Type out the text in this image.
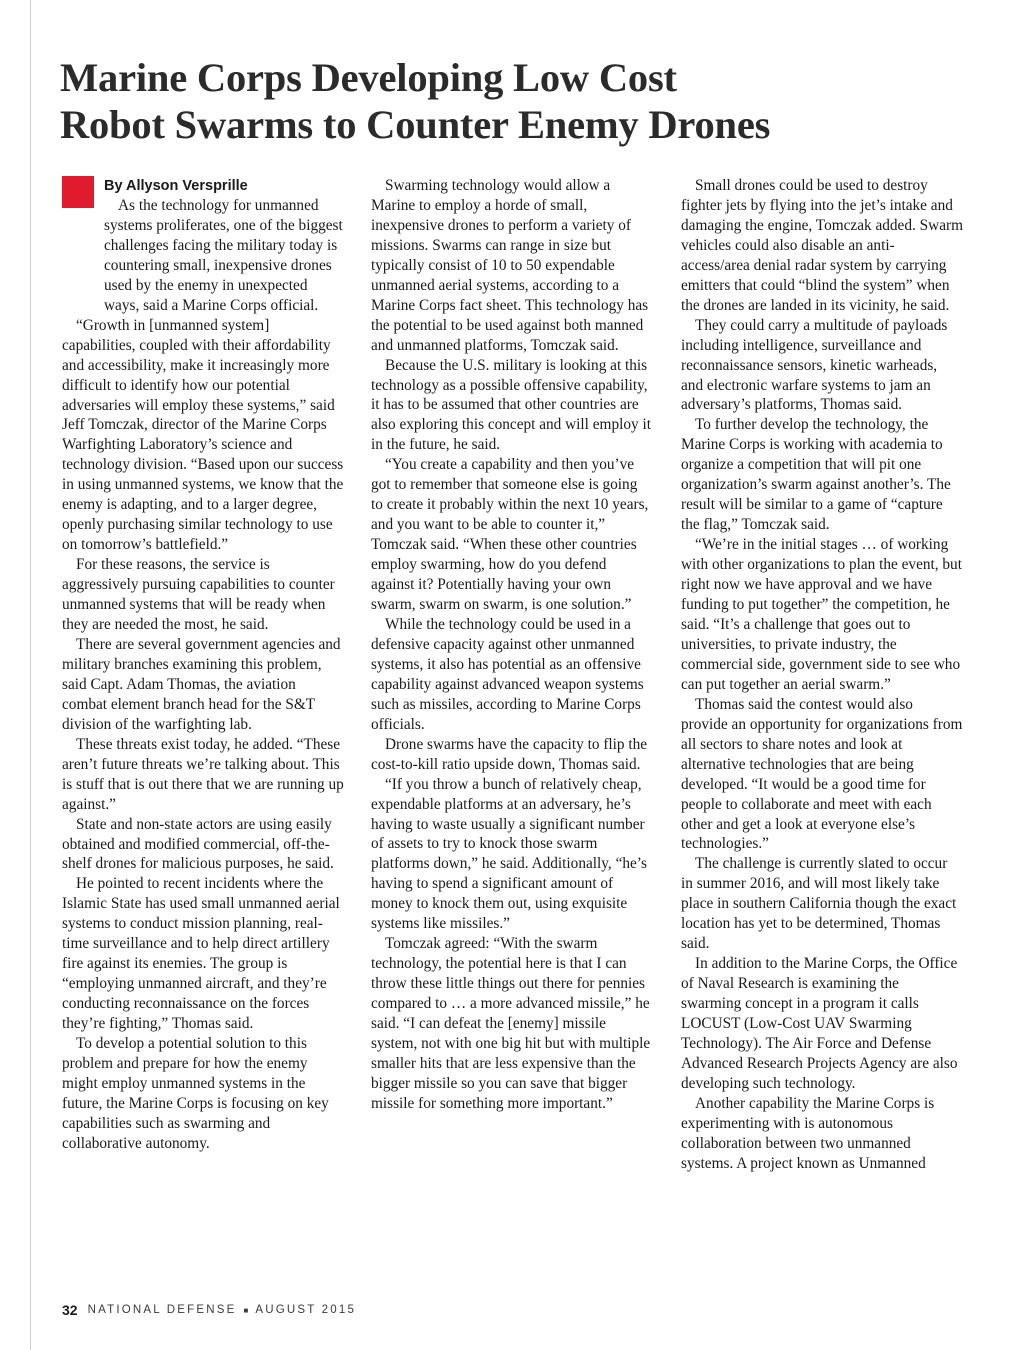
Marine Corps Developing Low Cost
Robot Swarms to Counter Enemy Drones
By Allyson Versprille

As the technology for unmanned systems proliferates, one of the biggest challenges facing the military today is countering small, inexpensive drones used by the enemy in unexpected ways, said a Marine Corps official.

“Growth in [unmanned system] capabilities, coupled with their affordability and accessibility, make it increasingly more difficult to identify how our potential adversaries will employ these systems,” said Jeff Tomczak, director of the Marine Corps Warfighting Laboratory’s science and technology division. “Based upon our success in using unmanned systems, we know that the enemy is adapting, and to a larger degree, openly purchasing similar technology to use on tomorrow’s battlefield.”

For these reasons, the service is aggressively pursuing capabilities to counter unmanned systems that will be ready when they are needed the most, he said.

There are several government agencies and military branches examining this problem, said Capt. Adam Thomas, the aviation combat element branch head for the S&T division of the warfighting lab.

These threats exist today, he added. “These aren’t future threats we’re talking about. This is stuff that is out there that we are running up against.”

State and non-state actors are using easily obtained and modified commercial, off-the-shelf drones for malicious purposes, he said.

He pointed to recent incidents where the Islamic State has used small unmanned aerial systems to conduct mission planning, real-time surveillance and to help direct artillery fire against its enemies. The group is “employing unmanned aircraft, and they’re conducting reconnaissance on the forces they’re fighting,” Thomas said.

To develop a potential solution to this problem and prepare for how the enemy might employ unmanned systems in the future, the Marine Corps is focusing on key capabilities such as swarming and collaborative autonomy.

Swarming technology would allow a Marine to employ a horde of small, inexpensive drones to perform a variety of missions. Swarms can range in size but typically consist of 10 to 50 expendable unmanned aerial systems, according to a Marine Corps fact sheet. This technology has the potential to be used against both manned and unmanned platforms, Tomczak said.

Because the U.S. military is looking at this technology as a possible offensive capability, it has to be assumed that other countries are also exploring this concept and will employ it in the future, he said.

“You create a capability and then you’ve got to remember that someone else is going to create it probably within the next 10 years, and you want to be able to counter it,” Tomczak said. “When these other countries employ swarming, how do you defend against it? Potentially having your own swarm, swarm on swarm, is one solution.”

While the technology could be used in a defensive capacity against other unmanned systems, it also has potential as an offensive capability against advanced weapon systems such as missiles, according to Marine Corps officials.

Drone swarms have the capacity to flip the cost-to-kill ratio upside down, Thomas said.

“If you throw a bunch of relatively cheap, expendable platforms at an adversary, he’s having to waste usually a significant number of assets to try to knock those swarm platforms down,” he said. Additionally, “he’s having to spend a significant amount of money to knock them out, using exquisite systems like missiles.”

Tomczak agreed: “With the swarm technology, the potential here is that I can throw these little things out there for pennies compared to … a more advanced missile,” he said. “I can defeat the [enemy] missile system, not with one big hit but with multiple smaller hits that are less expensive than the bigger missile so you can save that bigger missile for something more important.”

Small drones could be used to destroy fighter jets by flying into the jet’s intake and damaging the engine, Tomczak added. Swarm vehicles could also disable an anti-access/area denial radar system by carrying emitters that could “blind the system” when the drones are landed in its vicinity, he said.

They could carry a multitude of payloads including intelligence, surveillance and reconnaissance sensors, kinetic warheads, and electronic warfare systems to jam an adversary’s platforms, Thomas said.

To further develop the technology, the Marine Corps is working with academia to organize a competition that will pit one organization’s swarm against another’s. The result will be similar to a game of “capture the flag,” Tomczak said.

“We’re in the initial stages … of working with other organizations to plan the event, but right now we have approval and we have funding to put together” the competition, he said. “It’s a challenge that goes out to universities, to private industry, the commercial side, government side to see who can put together an aerial swarm.”

Thomas said the contest would also provide an opportunity for organizations from all sectors to share notes and look at alternative technologies that are being developed. “It would be a good time for people to collaborate and meet with each other and get a look at everyone else’s technologies.”

The challenge is currently slated to occur in summer 2016, and will most likely take place in southern California though the exact location has yet to be determined, Thomas said.

In addition to the Marine Corps, the Office of Naval Research is examining the swarming concept in a program it calls LOCUST (Low-Cost UAV Swarming Technology). The Air Force and Defense Advanced Research Projects Agency are also developing such technology.

Another capability the Marine Corps is experimenting with is autonomous collaboration between two unmanned systems. A project known as Unmanned

32 NATIONAL DEFENSE ■ AUGUST 2015
